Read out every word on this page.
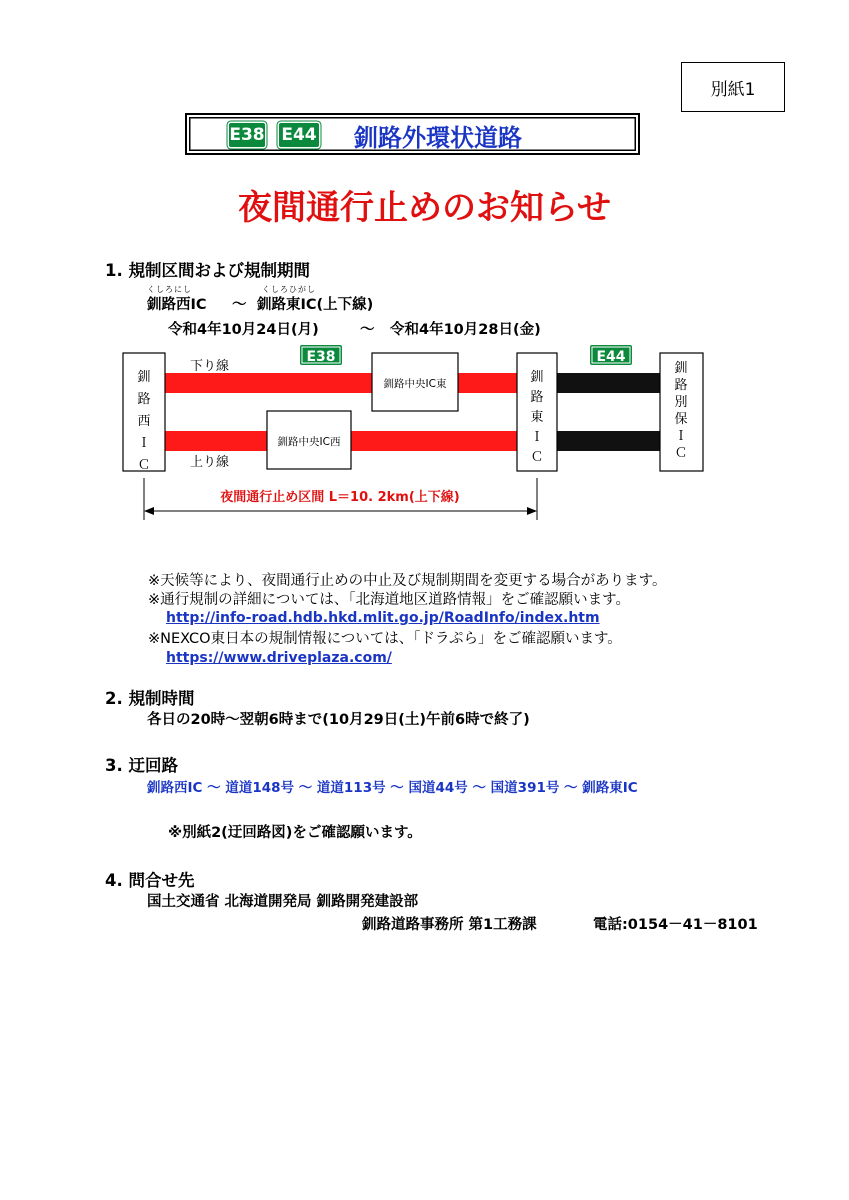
別紙1
E38 E44 釧路外環状道路
夜間通行止めのお知らせ
1. 規制区間および規制期間
くしろにし	くしろひがし
釧路西IC ～ 釧路東IC(上下線)
令和4年10月24日(月)	～ 令和4年10月28日(金)
釧路西ＩＣ
釧路東ＩＣ
釧路別保ＩＣ
釧路中央IC東
釧路中央IC西
下り線
上り線
E38	E44
夜間通行止め区間 L＝10. 2km(上下線)
※天候等により、夜間通行止めの中止及び規制期間を変更する場合があります。
※通行規制の詳細については、「北海道地区道路情報」をご確認願います。
http://info-road.hdb.hkd.mlit.go.jp/RoadInfo/index.htm
※NEXCO東日本の規制情報については、「ドラぷら」をご確認願います。
https://www.driveplaza.com/
2. 規制時間
各日の20時～翌朝6時まで(10月29日(土)午前6時で終了)
3. 迂回路
釧路西IC ～ 道道148号 ～ 道道113号 ～ 国道44号 ～ 国道391号 ～ 釧路東IC
※別紙2(迂回路図)をご確認願います。
4. 問合せ先
国土交通省 北海道開発局 釧路開発建設部
釧路道路事務所 第1工務課	電話:0154－41－8101
